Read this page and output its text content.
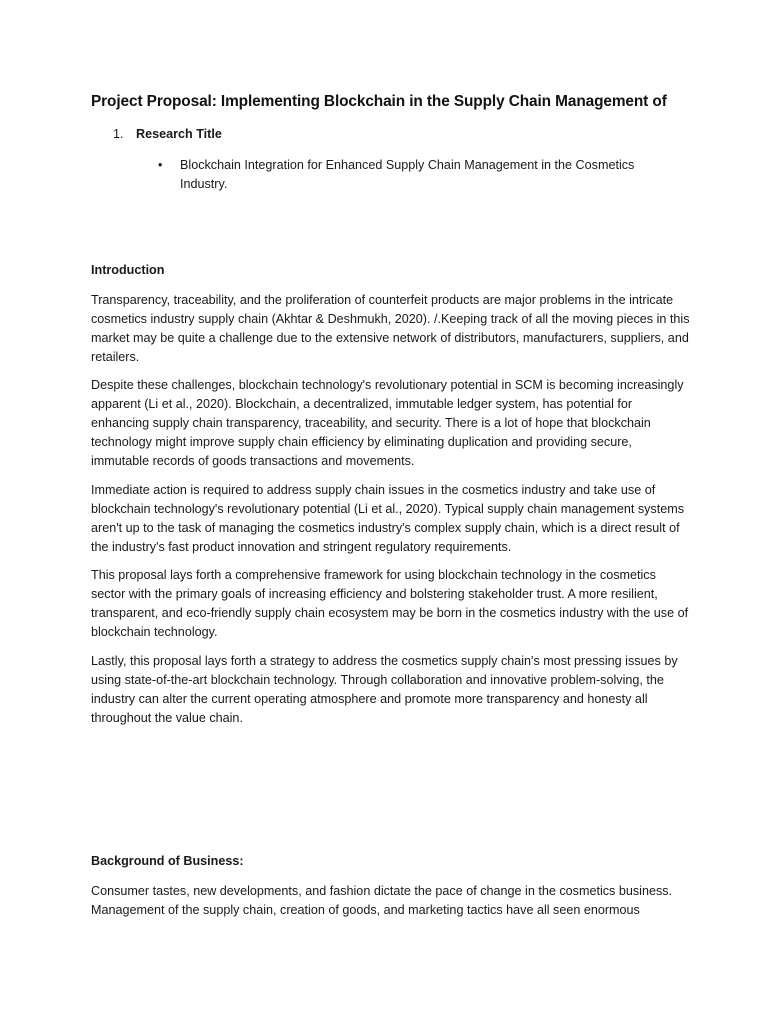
Project Proposal: Implementing Blockchain in the Supply Chain Management of
1. Research Title
•	Blockchain Integration for Enhanced Supply Chain Management in the Cosmetics Industry.
Introduction
Transparency, traceability, and the proliferation of counterfeit products are major problems in the intricate cosmetics industry supply chain (Akhtar & Deshmukh, 2020). /.Keeping track of all the moving pieces in this market may be quite a challenge due to the extensive network of distributors, manufacturers, suppliers, and retailers.
Despite these challenges, blockchain technology's revolutionary potential in SCM is becoming increasingly apparent (Li et al., 2020). Blockchain, a decentralized, immutable ledger system, has potential for enhancing supply chain transparency, traceability, and security. There is a lot of hope that blockchain technology might improve supply chain efficiency by eliminating duplication and providing secure, immutable records of goods transactions and movements.
Immediate action is required to address supply chain issues in the cosmetics industry and take use of blockchain technology's revolutionary potential (Li et al., 2020). Typical supply chain management systems aren't up to the task of managing the cosmetics industry's complex supply chain, which is a direct result of the industry's fast product innovation and stringent regulatory requirements.
This proposal lays forth a comprehensive framework for using blockchain technology in the cosmetics sector with the primary goals of increasing efficiency and bolstering stakeholder trust. A more resilient, transparent, and eco-friendly supply chain ecosystem may be born in the cosmetics industry with the use of blockchain technology.
Lastly, this proposal lays forth a strategy to address the cosmetics supply chain's most pressing issues by using state-of-the-art blockchain technology. Through collaboration and innovative problem-solving, the industry can alter the current operating atmosphere and promote more transparency and honesty all throughout the value chain.
Background of Business:
Consumer tastes, new developments, and fashion dictate the pace of change in the cosmetics business. Management of the supply chain, creation of goods, and marketing tactics have all seen enormous
